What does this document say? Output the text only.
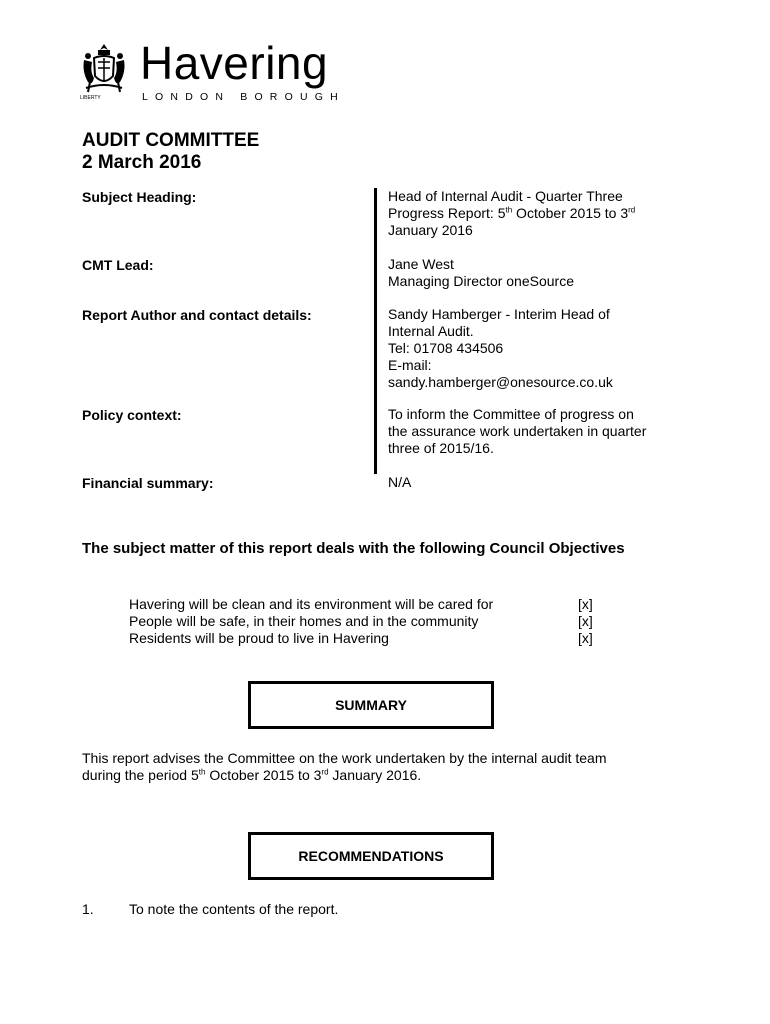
Havering
LONDON BOROUGH
LIBERTY
AUDIT COMMITTEE
2 March 2016
Subject Heading:	Head of Internal Audit - Quarter Three
Progress Report: 5th October 2015 to 3rd
January 2016
CMT Lead:	Jane West
Managing Director oneSource
Report Author and contact details:	Sandy Hamberger - Interim Head of
Internal Audit.
Tel: 01708 434506
E-mail:
sandy.hamberger@onesource.co.uk
Policy context:	To inform the Committee of progress on
the assurance work undertaken in quarter
three of 2015/16.
Financial summary:	N/A
The subject matter of this report deals with the following Council Objectives
Havering will be clean and its environment will be cared for	[x]
People will be safe, in their homes and in the community	[x]
Residents will be proud to live in Havering	[x]
SUMMARY
This report advises the Committee on the work undertaken by the internal audit team
during the period 5th October 2015 to 3rd January 2016.
RECOMMENDATIONS
1.	To note the contents of the report.
